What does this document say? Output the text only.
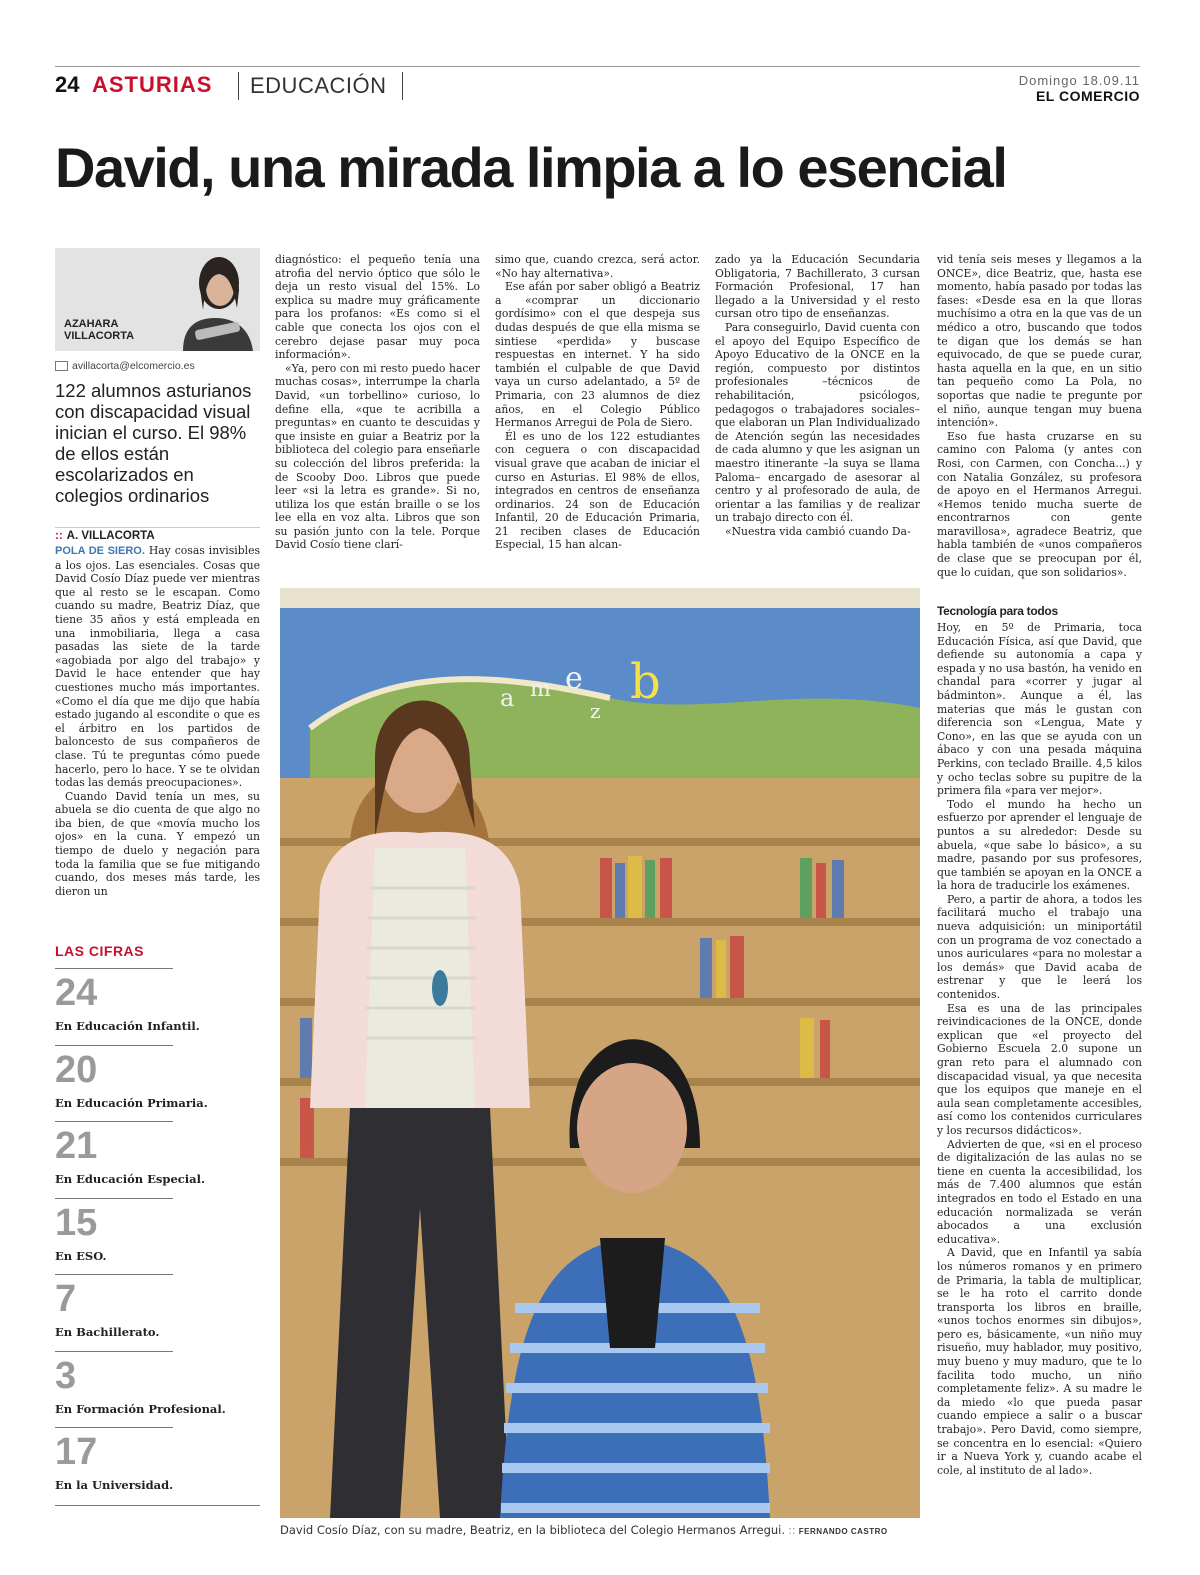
24 ASTURIAS EDUCACIÓN	Domingo 18.09.11
EL COMERCIO
David, una mirada limpia a lo esencial
AZAHARA
VILLACORTA
avillacorta@elcomercio.es
122 alumnos asturianos con discapacidad visual inician el curso. El 98% de ellos están escolarizados en colegios ordinarios
:: A. VILLACORTA

POLA DE SIERO. Hay cosas invisibles a los ojos. Las esenciales. Cosas que David Cosío Díaz puede ver mientras que al resto se le escapan. Como cuando su madre, Beatriz Díaz, que tiene 35 años y está empleada en una inmobiliaria, llega a casa pasadas las siete de la tarde «agobiada por algo del trabajo» y David le hace entender que hay cuestiones mucho más importantes. «Como el día que me dijo que había estado jugando al escondite o que es el árbitro en los partidos de baloncesto de sus compañeros de clase. Tú te preguntas cómo puede hacerlo, pero lo hace. Y se te olvidan todas las demás preocupaciones».

Cuando David tenía un mes, su abuela se dio cuenta de que algo no iba bien, de que «movía mucho los ojos» en la cuna. Y empezó un tiempo de duelo y negación para toda la familia que se fue mitigando cuando, dos meses más tarde, les dieron un

LAS CIFRAS
24
En Educación Infantil.
20
En Educación Primaria.
21
En Educación Especial.
15
En ESO.
7
En Bachillerato.
3
En Formación Profesional.
17
En la Universidad.

diagnóstico: el pequeño tenía una atrofia del nervio óptico que sólo le deja un resto visual del 15%. Lo explica su madre muy gráficamente para los profanos: «Es como si el cable que conecta los ojos con el cerebro dejase pasar muy poca información».

«Ya, pero con mi resto puedo hacer muchas cosas», interrumpe la charla David, «un torbellino» curioso, lo define ella, «que te acribilla a preguntas» en cuanto te descuidas y que insiste en guiar a Beatriz por la biblioteca del colegio para enseñarle su colección del libros preferida: la de Scooby Doo. Libros que puede leer «si la letra es grande». Si no, utiliza los que están braille o se los lee ella en voz alta. Libros que son su pasión junto con la tele. Porque David Cosío tiene clarí-

simo que, cuando crezca, será actor. «No hay alternativa».

Ese afán por saber obligó a Beatriz a «comprar un diccionario gordísimo» con el que despeja sus dudas después de que ella misma se sintiese «perdida» y buscase respuestas en internet. Y ha sido también el culpable de que David vaya un curso adelantado, a 5º de Primaria, con 23 alumnos de diez años, en el Colegio Público Hermanos Arregui de Pola de Siero.

Él es uno de los 122 estudiantes con ceguera o con discapacidad visual grave que acaban de iniciar el curso en Asturias. El 98% de ellos, integrados en centros de enseñanza ordinarios. 24 son de Educación Infantil, 20 de Educación Primaria, 21 reciben clases de Educación Especial, 15 han alcan-

zado ya la Educación Secundaria Obligatoria, 7 Bachillerato, 3 cursan Formación Profesional, 17 han llegado a la Universidad y el resto cursan otro tipo de enseñanzas.

Para conseguirlo, David cuenta con el apoyo del Equipo Específico de Apoyo Educativo de la ONCE en la región, compuesto por distintos profesionales –técnicos de rehabilitación, psicólogos, pedagogos o trabajadores sociales– que elaboran un Plan Individualizado de Atención según las necesidades de cada alumno y que les asignan un maestro itinerante –la suya se llama Paloma– encargado de asesorar al centro y al profesorado de aula, de orientar a las familias y de realizar un trabajo directo con él.

«Nuestra vida cambió cuando Da-

vid tenía seis meses y llegamos a la ONCE», dice Beatriz, que, hasta ese momento, había pasado por todas las fases: «Desde esa en la que lloras muchísimo a otra en la que vas de un médico a otro, buscando que todos te digan que los demás se han equivocado, de que se puede curar, hasta aquella en la que, en un sitio tan pequeño como La Pola, no soportas que nadie te pregunte por el niño, aunque tengan muy buena intención».

Eso fue hasta cruzarse en su camino con Paloma (y antes con Rosi, con Carmen, con Concha...) y con Natalia González, su profesora de apoyo en el Hermanos Arregui. «Hemos tenido mucha suerte de encontrarnos con gente maravillosa», agradece Beatriz, que habla también de «unos compañeros de clase que se preocupan por él, que lo cuidan, que son solidarios».

Tecnología para todos

Hoy, en 5º de Primaria, toca Educación Física, así que David, que defiende su autonomía a capa y espada y no usa bastón, ha venido en chandal para «correr y jugar al bádminton». Aunque a él, las materias que más le gustan con diferencia son «Lengua, Mate y Cono», en las que se ayuda con un ábaco y con una pesada máquina Perkins, con teclado Braille. 4,5 kilos y ocho teclas sobre su pupitre de la primera fila «para ver mejor».

Todo el mundo ha hecho un esfuerzo por aprender el lenguaje de puntos a su alrededor: Desde su abuela, «que sabe lo básico», a su madre, pasando por sus profesores, que también se apoyan en la ONCE a la hora de traducirle los exámenes.

Pero, a partir de ahora, a todos les facilitará mucho el trabajo una nueva adquisición: un miniportátil con un programa de voz conectado a unos auriculares «para no molestar a los demás» que David acaba de estrenar y que le leerá los contenidos.

Esa es una de las principales reivindicaciones de la ONCE, donde explican que «el proyecto del Gobierno Escuela 2.0 supone un gran reto para el alumnado con discapacidad visual, ya que necesita que los equipos que maneje en el aula sean completamente accesibles, así como los contenidos curriculares y los recursos didácticos».

Advierten de que, «si en el proceso de digitalización de las aulas no se tiene en cuenta la accesibilidad, los más de 7.400 alumnos que están integrados en todo el Estado en una educación normalizada se verán abocados a una exclusión educativa».

A David, que en Infantil ya sabía los números romanos y en primero de Primaria, la tabla de multiplicar, se le ha roto el carrito donde transporta los libros en braille, «unos tochos enormes sin dibujos», pero es, básicamente, «un niño muy risueño, muy hablador, muy positivo, muy bueno y muy maduro, que te lo facilita todo mucho, un niño completamente feliz». A su madre le da miedo «lo que pueda pasar cuando empiece a salir o a buscar trabajo». Pero David, como siempre, se concentra en lo esencial: «Quiero ir a Nueva York y, cuando acabe el cole, al instituto de al lado».

a m e
z
b
David Cosío Díaz, con su madre, Beatriz, en la biblioteca del Colegio Hermanos Arregui. :: FERNANDO CASTRO
